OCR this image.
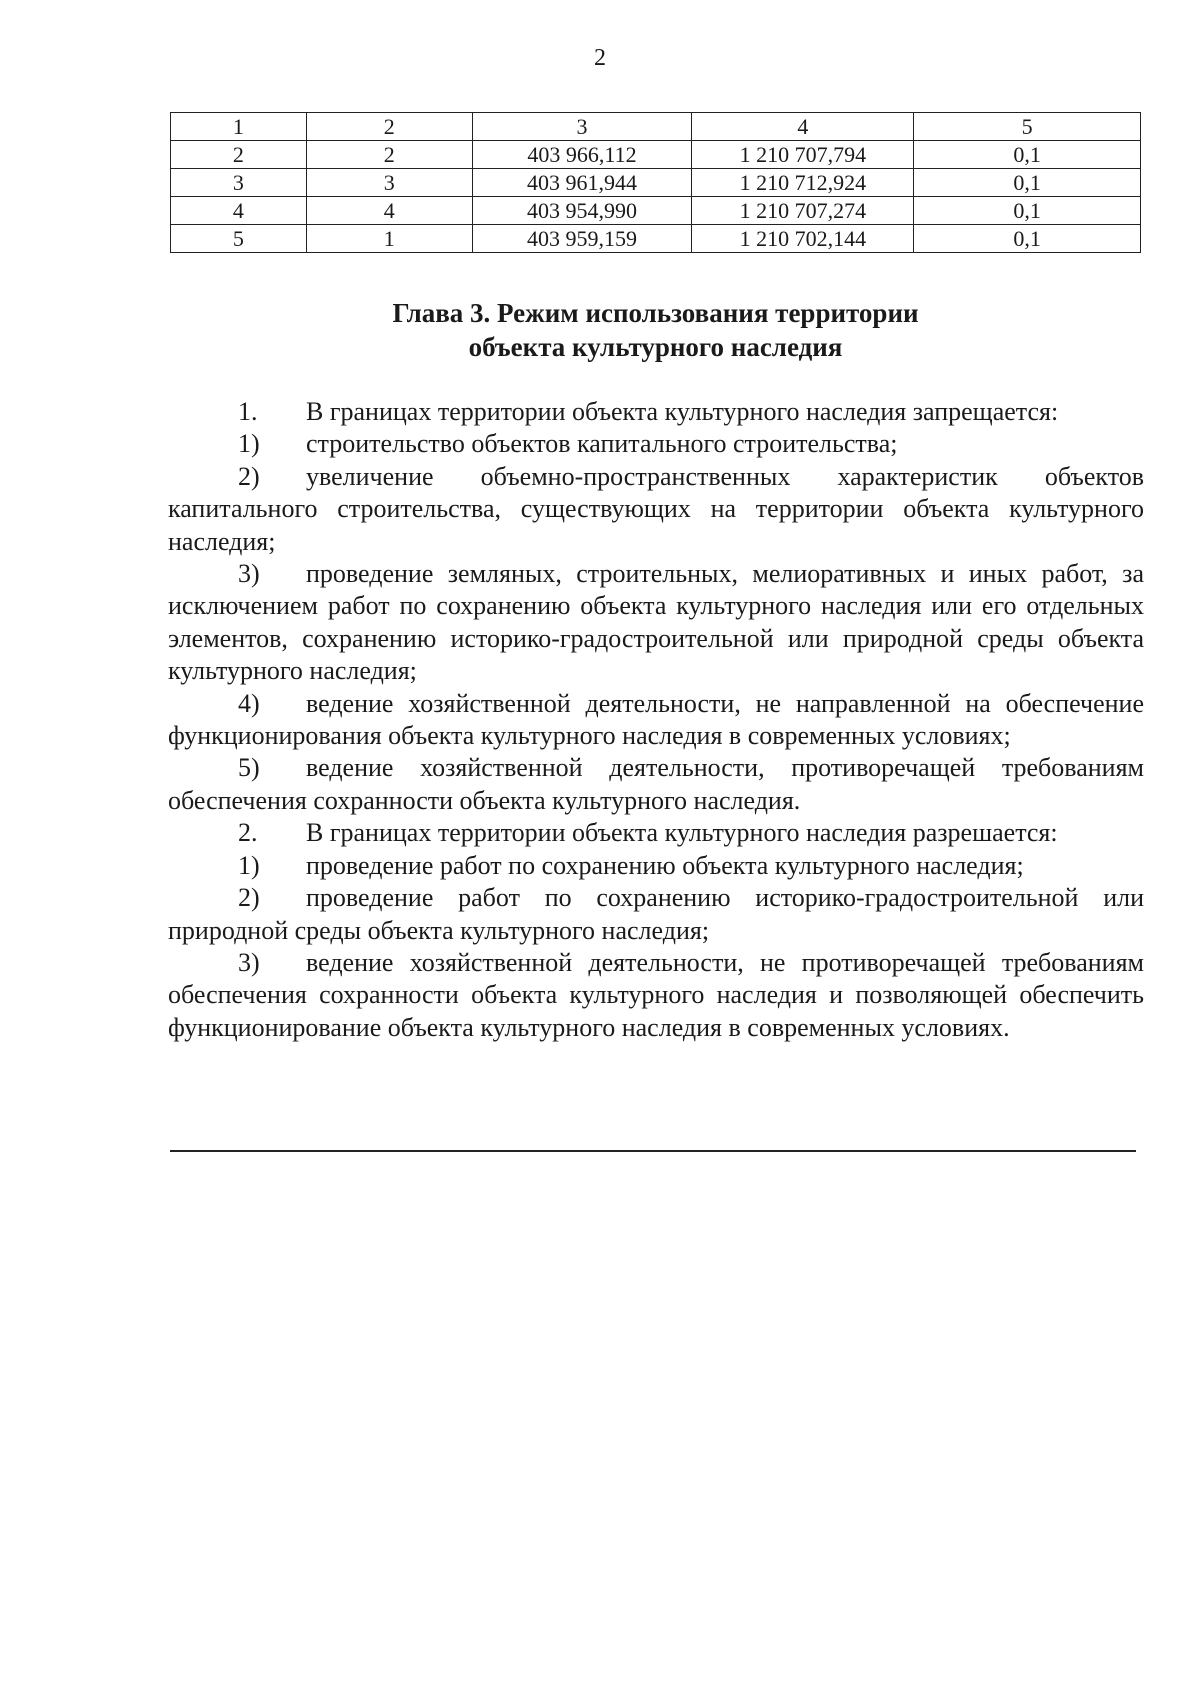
2
1	2	3	4	5
2	2	403 966,112	1 210 707,794	0,1
3	3	403 961,944	1 210 712,924	0,1
4	4	403 954,990	1 210 707,274	0,1
5	1	403 959,159	1 210 702,144	0,1
Глава 3. Режим использования территории
объекта культурного наследия

1. В границах территории объекта культурного наследия запрещается:

1) строительство объектов капитального строительства;

2) увеличение объемно-пространственных характеристик объектов капитального строительства, существующих на территории объекта культурного наследия;

3) проведение земляных, строительных, мелиоративных и иных работ, за исключением работ по сохранению объекта культурного наследия или его отдельных элементов, сохранению историко-градостроительной или природной среды объекта культурного наследия;

4) ведение хозяйственной деятельности, не направленной на обеспечение функционирования объекта культурного наследия в современных условиях;

5) ведение хозяйственной деятельности, противоречащей требованиям обеспечения сохранности объекта культурного наследия.

2. В границах территории объекта культурного наследия разрешается:

1) проведение работ по сохранению объекта культурного наследия;

2) проведение работ по сохранению историко-градостроительной или природной среды объекта культурного наследия;

3) ведение хозяйственной деятельности, не противоречащей требованиям обеспечения сохранности объекта культурного наследия и позволяющей обеспечить функционирование объекта культурного наследия в современных условиях.
